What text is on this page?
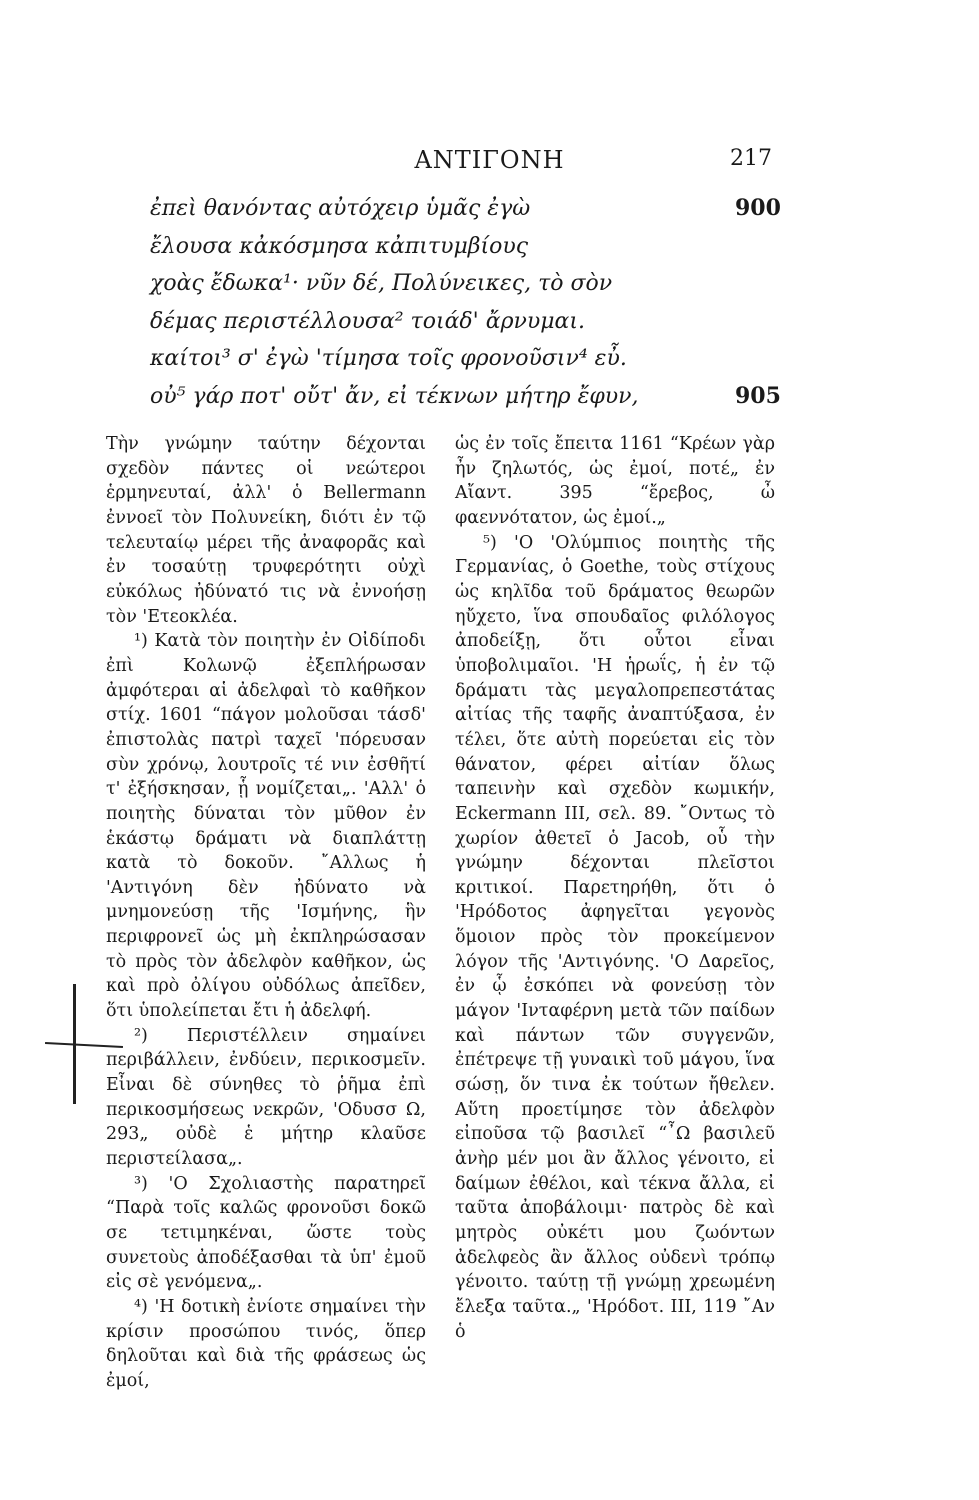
ΑΝΤΙΓΟΝΗ	217
ἐπεὶ θανόντας αὐτόχειρ ὑμᾶς ἐγὼ	900
ἔλουσα κἀκόσμησα κἀπιτυμβίους
χοὰς ἔδωκα¹· νῦν δέ, Πολύνεικες, τὸ σὸν
δέμας περιστέλλουσα² τοιάδ' ἄρνυμαι.
καίτοι³ σ' ἐγὼ 'τίμησα τοῖς φρονοῦσιν⁴ εὖ.
οὐ⁵ γάρ ποτ' οὔτ' ἄν, εἰ τέκνων μήτηρ ἔφυν,	905

Τὴν γνώμην ταύτην δέχονται σχεδὸν πάντες οἱ νεώτεροι ἑρμηνευταί, ἀλλ' ὁ Bellermann ἐννοεῖ τὸν Πολυνείκη, διότι ἐν τῷ τελευταίῳ μέρει τῆς ἀναφορᾶς καὶ ἐν τοσαύτῃ τρυφερότητι οὐχὶ εὐκόλως ἠδύνατό τις νὰ ἐννοήσῃ τὸν 'Ετεοκλέα.

¹) Κατὰ τὸν ποιητὴν ἐν Οἰδίποδι ἐπὶ Κολωνῷ ἐξεπλήρωσαν ἀμφότεραι αἱ ἀδελφαὶ τὸ καθῆκον στίχ. 1601 “πάγον μολοῦσαι τάσδ' ἐπιστολὰς πατρὶ ταχεῖ 'πόρευσαν σὺν χρόνῳ, λουτροῖς τέ νιν ἐσθῆτί τ' ἐξήσκησαν, ᾗ νομίζεται„. 'Αλλ' ὁ ποιητὴς δύναται τὸν μῦθον ἐν ἑκάστῳ δράματι νὰ διαπλάττῃ κατὰ τὸ δοκοῦν. ῎Αλλως ἡ 'Αντιγόνη δὲν ἠδύνατο νὰ μνημονεύσῃ τῆς 'Ισμήνης, ἣν περιφρονεῖ ὡς μὴ ἐκπληρώσασαν τὸ πρὸς τὸν ἀδελφὸν καθῆκον, ὡς καὶ πρὸ ὀλίγου οὐδόλως ἀπεῖδεν, ὅτι ὑπολείπεται ἔτι ἡ ἀδελφή.

²) Περιστέλλειν σημαίνει περιβάλλειν, ἐνδύειν, περικοσμεῖν. Εἶναι δὲ σύνηθες τὸ ῥῆμα ἐπὶ περικοσμήσεως νεκρῶν, 'Οδυσσ Ω, 293„ οὐδὲ ἑ μήτηρ κλαῦσε περιστείλασα„.

³) 'Ο Σχολιαστὴς παρατηρεῖ “Παρὰ τοῖς καλῶς φρονοῦσι δοκῶ σε τετιμηκέναι, ὥστε τοὺς συνετοὺς ἀποδέξασθαι τὰ ὑπ' ἐμοῦ εἰς σὲ γενόμενα„.

⁴) 'Η δοτικὴ ἐνίοτε σημαίνει τὴν κρίσιν προσώπου τινός, ὅπερ δηλοῦται καὶ διὰ τῆς φράσεως ὡς ἐμοί,

ὡς ἐν τοῖς ἔπειτα 1161 “Κρέων γὰρ ἦν ζηλωτός, ὡς ἐμοί, ποτέ„ ἐν Αἴαντ. 395 “ἔρεβος, ὦ φαεννότατον, ὡς ἐμοί.„

⁵) 'Ο 'Ολύμπιος ποιητὴς τῆς Γερμανίας, ὁ Goethe, τοὺς στίχους ὡς κηλῖδα τοῦ δράματος θεωρῶν ηὔχετο, ἵνα σπουδαῖος φιλόλογος ἀποδείξῃ, ὅτι οὗτοι εἶναι ὑποβολιμαῖοι. 'Η ἡρωΐς, ἡ ἐν τῷ δράματι τὰς μεγαλοπρεπεστάτας αἰτίας τῆς ταφῆς ἀναπτύξασα, ἐν τέλει, ὅτε αὐτὴ πορεύεται εἰς τὸν θάνατον, φέρει αἰτίαν ὅλως ταπεινὴν καὶ σχεδὸν κωμικήν, Eckermann III, σελ. 89. ῎Οντως τὸ χωρίον ἀθετεῖ ὁ Jacob, οὗ τὴν γνώμην δέχονται πλεῖστοι κριτικοί. Παρετηρήθη, ὅτι ὁ 'Ηρόδοτος ἀφηγεῖται γεγονὸς ὅμοιον πρὸς τὸν προκείμενον λόγον τῆς 'Αντιγόνης. 'Ο Δαρεῖος, ἐν ᾧ ἐσκόπει νὰ φονεύσῃ τὸν μάγον 'Ινταφέρνη μετὰ τῶν παίδων καὶ πάντων τῶν συγγενῶν, ἐπέτρεψε τῇ γυναικὶ τοῦ μάγου, ἵνα σώσῃ, ὅν τινα ἐκ τούτων ἤθελεν. Αὕτη προετίμησε τὸν ἀδελφὸν εἰποῦσα τῷ βασιλεῖ “῏Ω βασιλεῦ ἀνὴρ μέν μοι ἂν ἄλλος γένοιτο, εἰ δαίμων ἐθέλοι, καὶ τέκνα ἄλλα, εἰ ταῦτα ἀποβάλοιμι· πατρὸς δὲ καὶ μητρὸς οὐκέτι μου ζωόντων ἀδελφεὸς ἂν ἄλλος οὐδενὶ τρόπῳ γένοιτο. ταύτῃ τῇ γνώμῃ χρεωμένη ἔλεξα ταῦτα.„ 'Ηρόδοτ. III, 119 ῎Αν ὁ
